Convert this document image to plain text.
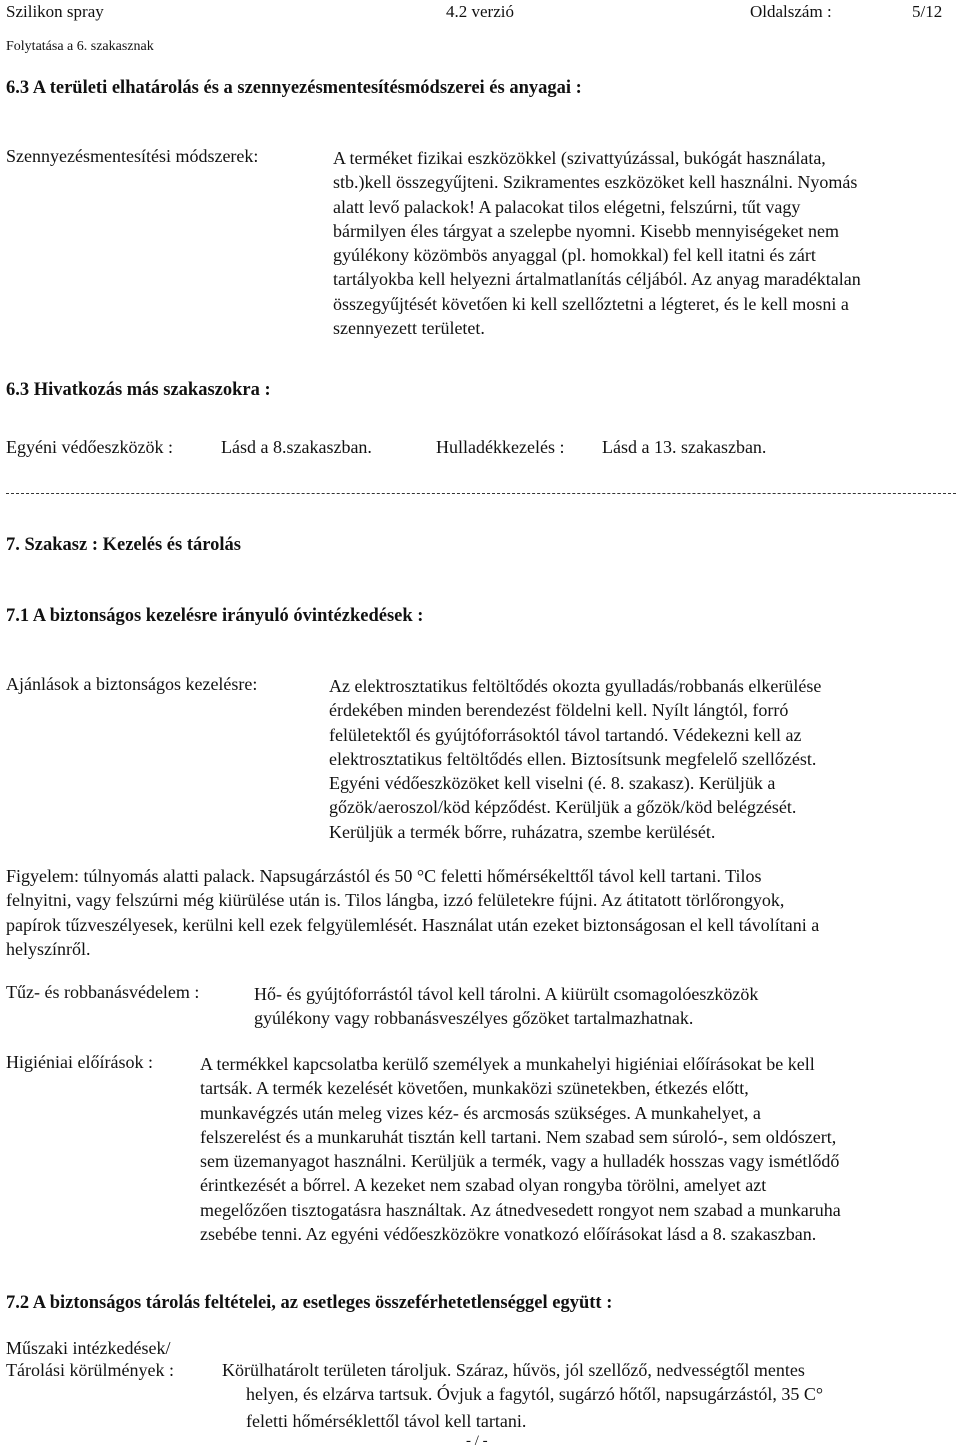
Szilikon spray	4.2 verzió	Oldalszám :	5/12
Folytatása a 6. szakasznak
6.3 A területi elhatárolás és a szennyezésmentesítésmódszerei és anyagai :
Szennyezésmentesítési módszerek:	A terméket fizikai eszközökkel (szivattyúzással, bukógát használata,
stb.)kell összegyűjteni. Szikramentes eszközöket kell használni. Nyomás
alatt levő palackok! A palacokat tilos elégetni, felszúrni, tűt vagy
bármilyen éles tárgyat a szelepbe nyomni. Kisebb mennyiségeket nem
gyúlékony közömbös anyaggal (pl. homokkal) fel kell itatni és zárt
tartályokba kell helyezni ártalmatlanítás céljából. Az anyag maradéktalan
összegyűjtését követően ki kell szellőztetni a légteret, és le kell mosni a
szennyezett területet.
6.3 Hivatkozás más szakaszokra :
Egyéni védőeszközök :	Lásd a 8.szakaszban.	Hulladékkezelés : Lásd a 13. szakaszban.
7. Szakasz : Kezelés és tárolás
7.1 A biztonságos kezelésre irányuló óvintézkedések :
Ajánlások a biztonságos kezelésre:	Az elektrosztatikus feltöltődés okozta gyulladás/robbanás elkerülése
érdekében minden berendezést földelni kell. Nyílt lángtól, forró
felületektől és gyújtóforrásoktól távol tartandó. Védekezni kell az
elektrosztatikus feltöltődés ellen. Biztosítsunk megfelelő szellőzést.
Egyéni védőeszközöket kell viselni (é. 8. szakasz). Kerüljük a
gőzök/aeroszol/köd képződést. Kerüljük a gőzök/köd belégzését.
Kerüljük a termék bőrre, ruházatra, szembe kerülését.
Figyelem: túlnyomás alatti palack. Napsugárzástól és 50 °C feletti hőmérsékelttől távol kell tartani. Tilos
felnyitni, vagy felszúrni még kiürülése után is. Tilos lángba, izzó felületekre fújni. Az átitatott törlőrongyok,
papírok tűzveszélyesek, kerülni kell ezek felgyülemlését. Használat után ezeket biztonságosan el kell távolítani a
helyszínről.
Tűz- és robbanásvédelem :	Hő- és gyújtóforrástól távol kell tárolni. A kiürült csomagolóeszközök
gyúlékony vagy robbanásveszélyes gőzöket tartalmazhatnak.
Higiéniai előírások :	A termékkel kapcsolatba kerülő személyek a munkahelyi higiéniai előírásokat be kell
tartsák. A termék kezelését követően, munkaközi szünetekben, étkezés előtt,
munkavégzés után meleg vizes kéz- és arcmosás szükséges. A munkahelyet, a
felszerelést és a munkaruhát tisztán kell tartani. Nem szabad sem súroló-, sem oldószert,
sem üzemanyagot használni. Kerüljük a termék, vagy a hulladék hosszas vagy ismétlődő
érintkezését a bőrrel. A kezeket nem szabad olyan rongyba törölni, amelyet azt
megelőzően tisztogatásra használtak. Az átnedvesedett rongyot nem szabad a munkaruha
zsebébe tenni. Az egyéni védőeszközökre vonatkozó előírásokat lásd a 8. szakaszban.
7.2 A biztonságos tárolás feltételei, az esetleges összeférhetetlenséggel együtt :
Műszaki intézkedések/
Tárolási körülmények :	Körülhatárolt területen tároljuk. Száraz, hűvös, jól szellőző, nedvességtől mentes
helyen, és elzárva tartsuk. Óvjuk a fagytól, sugárzó hőtől, napsugárzástól, 35 C°
feletti hőmérséklettől távol kell tartani.
- / -
